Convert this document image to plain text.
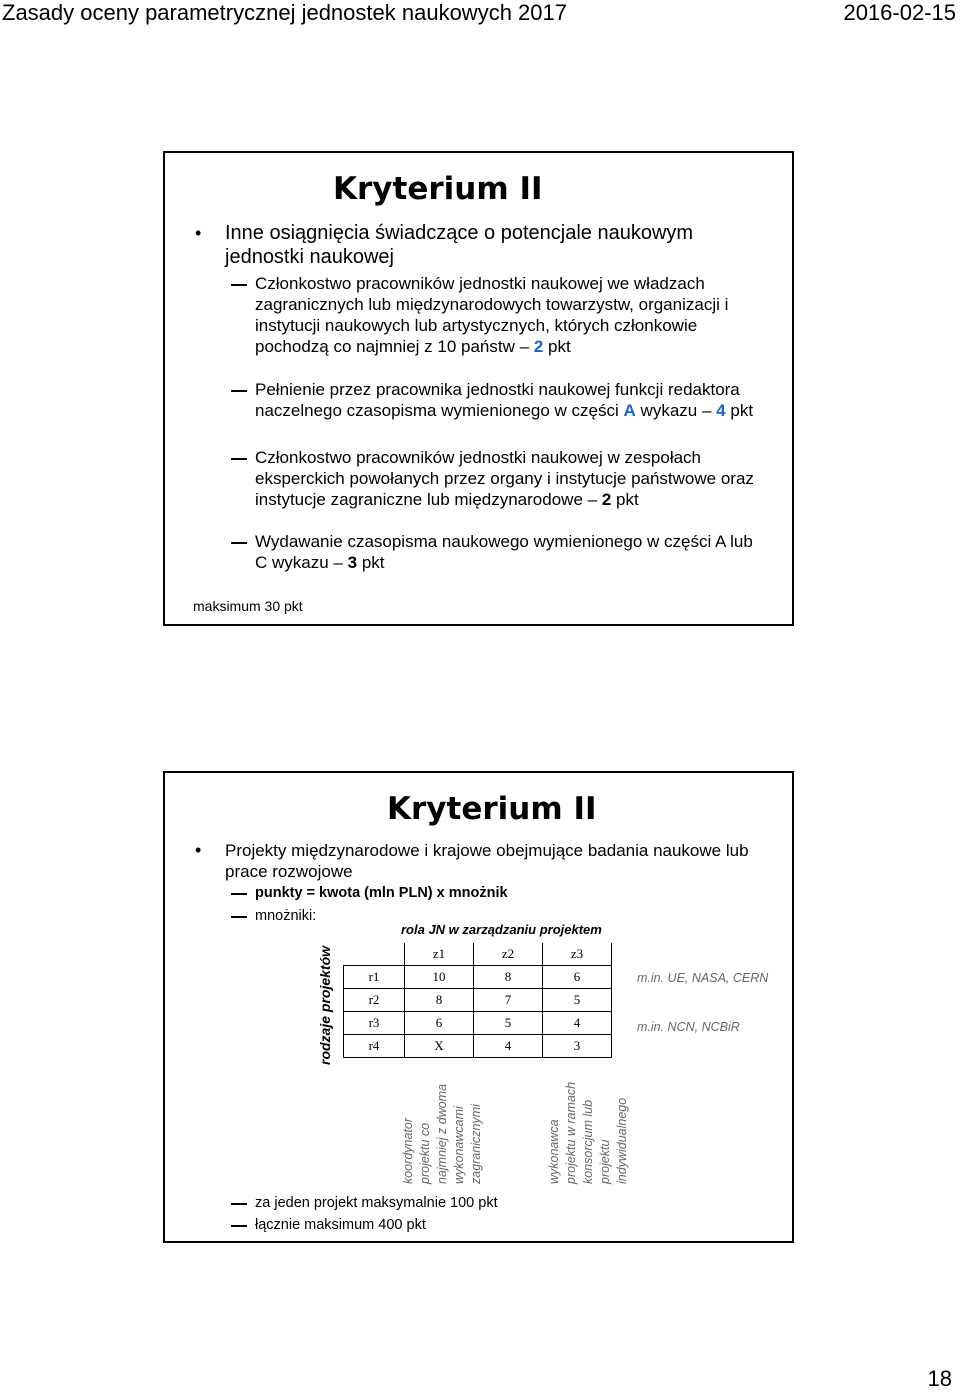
Zasady oceny parametrycznej jednostek naukowych 2017	2016-02-15
Kryterium II
• Inne osiągnięcia świadczące o potencjale naukowym jednostki naukowej
Członkostwo pracowników jednostki naukowej we władzach zagranicznych lub międzynarodowych towarzystw, organizacji i instytucji naukowych lub artystycznych, których członkowie pochodzą co najmniej z 10 państw – 2 pkt
Pełnienie przez pracownika jednostki naukowej funkcji redaktora naczelnego czasopisma wymienionego w części A wykazu – 4 pkt
Członkostwo pracowników jednostki naukowej w zespołach eksperckich powołanych przez organy i instytucje państwowe oraz instytucje zagraniczne lub międzynarodowe – 2 pkt
Wydawanie czasopisma naukowego wymienionego w części A lub C wykazu – 3 pkt
maksimum 30 pkt
Kryterium II
• Projekty międzynarodowe i krajowe obejmujące badania naukowe lub prace rozwojowe
punkty = kwota (mln PLN) x mnożnik
mnożniki:
rola JN w zarządzaniu projektem
rodzaje projektów
		z1	z2	z3
r1	10	8	6
r2	8	7	5
r3	6	5	4
r4	X	4	3
m.in. UE, NASA, CERN
m.in. NCN, NCBiR
koordynator projektu co najmniej z dwoma wykonawcami zagranicznymi	wykonawca projektu w ramach konsorcjum lub projektu indywidualnego
za jeden projekt maksymalnie 100 pkt
łącznie maksimum 400 pkt
18
